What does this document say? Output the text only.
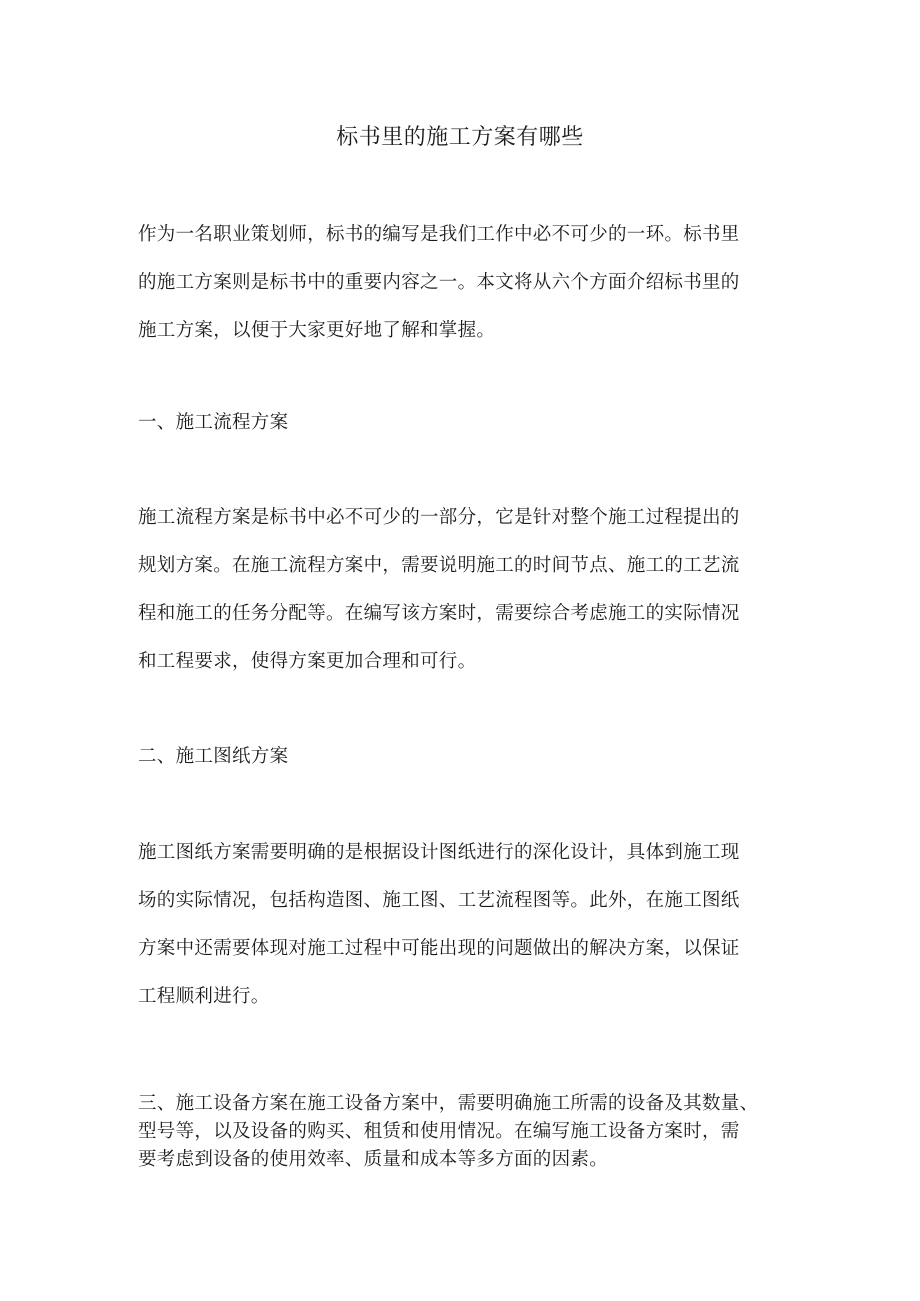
标书里的施工方案有哪些

作为一名职业策划师，标书的编写是我们工作中必不可少的一环。标书里
的施工方案则是标书中的重要内容之一。本文将从六个方面介绍标书里的
施工方案，以便于大家更好地了解和掌握。

一、施工流程方案

施工流程方案是标书中必不可少的一部分，它是针对整个施工过程提出的
规划方案。在施工流程方案中，需要说明施工的时间节点、施工的工艺流
程和施工的任务分配等。在编写该方案时，需要综合考虑施工的实际情况
和工程要求，使得方案更加合理和可行。

二、施工图纸方案

施工图纸方案需要明确的是根据设计图纸进行的深化设计，具体到施工现
场的实际情况，包括构造图、施工图、工艺流程图等。此外，在施工图纸
方案中还需要体现对施工过程中可能出现的问题做出的解决方案，以保证
工程顺利进行。

三、施工设备方案在施工设备方案中，需要明确施工所需的设备及其数量、
型号等，以及设备的购买、租赁和使用情况。在编写施工设备方案时，需
要考虑到设备的使用效率、质量和成本等多方面的因素。
